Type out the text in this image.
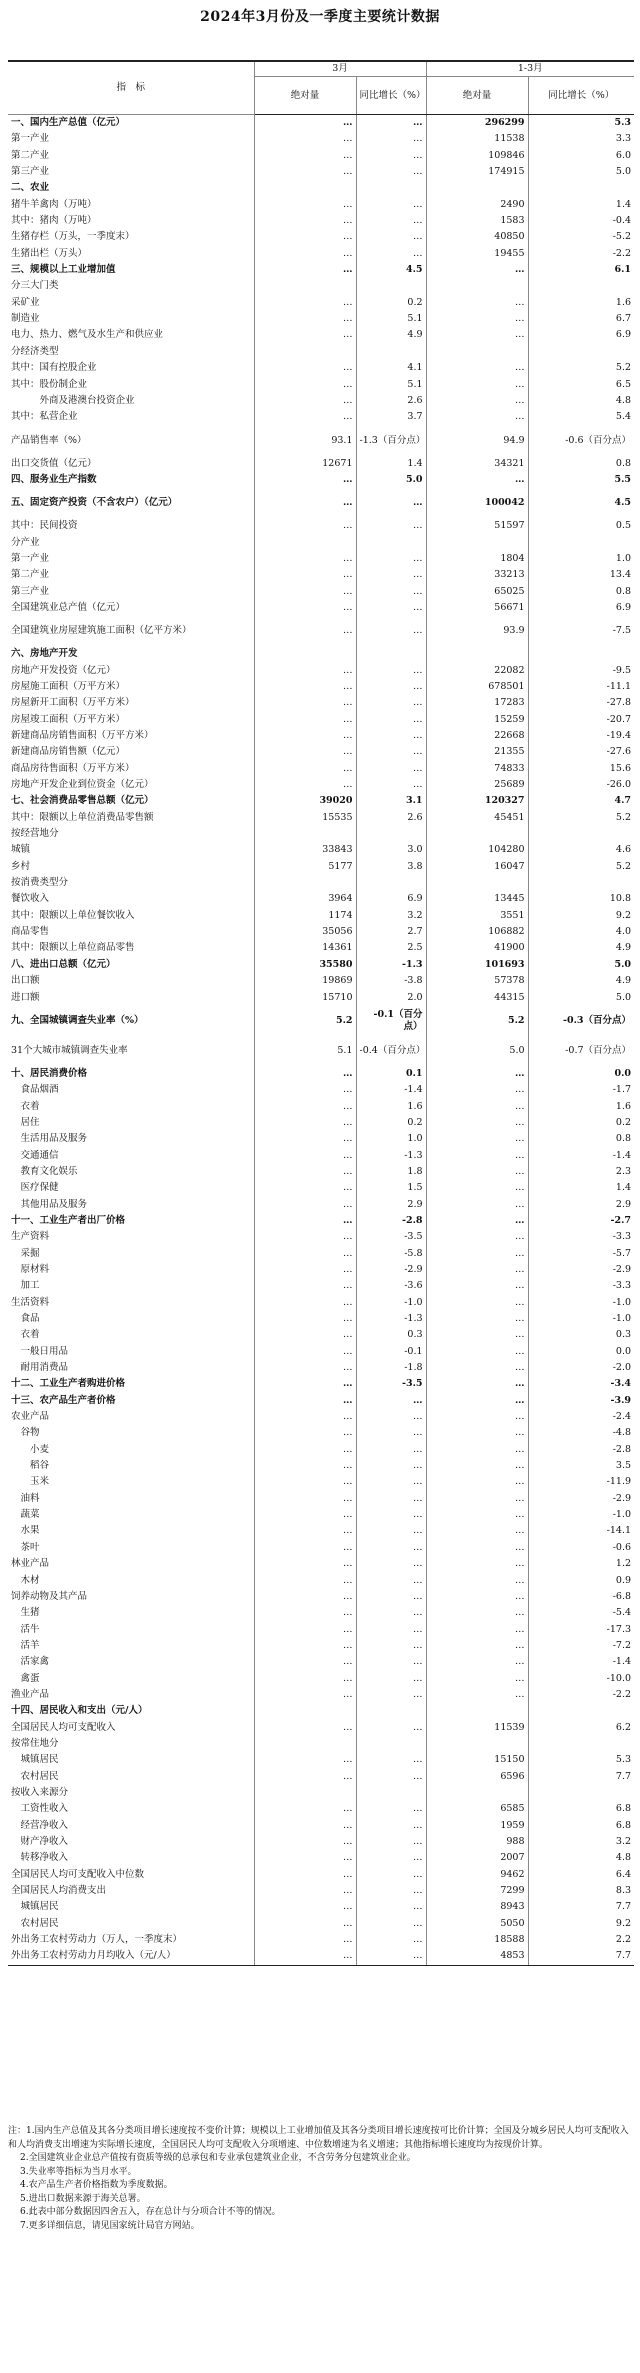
2024年3月份及一季度主要统计数据
指　标	3月		1-3月	
	绝对量	同比增长（%）	绝对量	同比增长（%）
一、国内生产总值（亿元）	…	…	296299	5.3
第一产业	…	…	11538	3.3
第二产业	…	…	109846	6.0
第三产业	…	…	174915	5.0
二、农业				
猪牛羊禽肉（万吨）	…	…	2490	1.4
其中：猪肉（万吨）	…	…	1583	-0.4
生猪存栏（万头，一季度末）	…	…	40850	-5.2
生猪出栏（万头）	…	…	19455	-2.2
三、规模以上工业增加值	…	4.5	…	6.1
分三大门类				
采矿业	…	0.2	…	1.6
制造业	…	5.1	…	6.7
电力、热力、燃气及水生产和供应业	…	4.9	…	6.9
分经济类型				
其中：国有控股企业	…	4.1	…	5.2
其中：股份制企业	…	5.1	…	6.5
　　　外商及港澳台投资企业	…	2.6	…	4.8
其中：私营企业	…	3.7	…	5.4
产品销售率（%）	93.1	-1.3（百分点）	94.9	-0.6（百分点）
出口交货值（亿元）	12671	1.4	34321	0.8
四、服务业生产指数	…	5.0	…	5.5
五、固定资产投资（不含农户）（亿元）	…	…	100042	4.5
其中：民间投资	…	…	51597	0.5
分产业				
第一产业	…	…	1804	1.0
第二产业	…	…	33213	13.4
第三产业	…	…	65025	0.8
全国建筑业总产值（亿元）	…	…	56671	6.9
全国建筑业房屋建筑施工面积（亿平方米）	…	…	93.9	-7.5
六、房地产开发				
房地产开发投资（亿元）	…	…	22082	-9.5
房屋施工面积（万平方米）	…	…	678501	-11.1
房屋新开工面积（万平方米）	…	…	17283	-27.8
房屋竣工面积（万平方米）	…	…	15259	-20.7
新建商品房销售面积（万平方米）	…	…	22668	-19.4
新建商品房销售额（亿元）	…	…	21355	-27.6
商品房待售面积（万平方米）	…	…	74833	15.6
房地产开发企业到位资金（亿元）	…	…	25689	-26.0
七、社会消费品零售总额（亿元）	39020	3.1	120327	4.7
其中：限额以上单位消费品零售额	15535	2.6	45451	5.2
按经营地分				
城镇	33843	3.0	104280	4.6
乡村	5177	3.8	16047	5.2
按消费类型分				
餐饮收入	3964	6.9	13445	10.8
其中：限额以上单位餐饮收入	1174	3.2	3551	9.2
商品零售	35056	2.7	106882	4.0
其中：限额以上单位商品零售	14361	2.5	41900	4.9
八、进出口总额（亿元）	35580	-1.3	101693	5.0
出口额	19869	-3.8	57378	4.9
进口额	15710	2.0	44315	5.0
九、全国城镇调查失业率（%）	5.2	-0.1（百分点）	5.2	-0.3（百分点）
31个大城市城镇调查失业率	5.1	-0.4（百分点）	5.0	-0.7（百分点）
十、居民消费价格	…	0.1	…	0.0
　食品烟酒	…	-1.4	…	-1.7
　衣着	…	1.6	…	1.6
　居住	…	0.2	…	0.2
　生活用品及服务	…	1.0	…	0.8
　交通通信	…	-1.3	…	-1.4
　教育文化娱乐	…	1.8	…	2.3
　医疗保健	…	1.5	…	1.4
　其他用品及服务	…	2.9	…	2.9
十一、工业生产者出厂价格	…	-2.8	…	-2.7
生产资料	…	-3.5	…	-3.3
　采掘	…	-5.8	…	-5.7
　原材料	…	-2.9	…	-2.9
　加工	…	-3.6	…	-3.3
生活资料	…	-1.0	…	-1.0
　食品	…	-1.3	…	-1.0
　衣着	…	0.3	…	0.3
　一般日用品	…	-0.1	…	0.0
　耐用消费品	…	-1.8	…	-2.0
十二、工业生产者购进价格	…	-3.5	…	-3.4
十三、农产品生产者价格	…	…	…	-3.9
农业产品	…	…	…	-2.4
　谷物	…	…	…	-4.8
　　小麦	…	…	…	-2.8
　　稻谷	…	…	…	3.5
　　玉米	…	…	…	-11.9
　油料	…	…	…	-2.9
　蔬菜	…	…	…	-1.0
　水果	…	…	…	-14.1
　茶叶	…	…	…	-0.6
林业产品	…	…	…	1.2
　木材	…	…	…	0.9
饲养动物及其产品	…	…	…	-6.8
　生猪	…	…	…	-5.4
　活牛	…	…	…	-17.3
　活羊	…	…	…	-7.2
　活家禽	…	…	…	-1.4
　禽蛋	…	…	…	-10.0
渔业产品	…	…	…	-2.2
十四、居民收入和支出（元/人）				
全国居民人均可支配收入	…	…	11539	6.2
按常住地分				
　城镇居民	…	…	15150	5.3
　农村居民	…	…	6596	7.7
按收入来源分				
　工资性收入	…	…	6585	6.8
　经营净收入	…	…	1959	6.8
　财产净收入	…	…	988	3.2
　转移净收入	…	…	2007	4.8
全国居民人均可支配收入中位数	…	…	9462	6.4
全国居民人均消费支出	…	…	7299	8.3
　城镇居民	…	…	8943	7.7
　农村居民	…	…	5050	9.2
外出务工农村劳动力（万人，一季度末）	…	…	18588	2.2
外出务工农村劳动力月均收入（元/人）	…	…	4853	7.7
注：1.国内生产总值及其各分类项目增长速度按不变价计算；规模以上工业增加值及其各分类项目增长速度按可比价计算；全国及分城乡居民人均可支配收入和人均消费支出增速为实际增长速度，全国居民人均可支配收入分项增速、中位数增速为名义增速；其他指标增长速度均为按现价计算。
2.全国建筑业企业总产值按有资质等级的总承包和专业承包建筑业企业，不含劳务分包建筑业企业。
3.失业率等指标为当月水平。
4.农产品生产者价格指数为季度数据。
5.进出口数据来源于海关总署。
6.此表中部分数据因四舍五入，存在总计与分项合计不等的情况。
7.更多详细信息，请见国家统计局官方网站。
